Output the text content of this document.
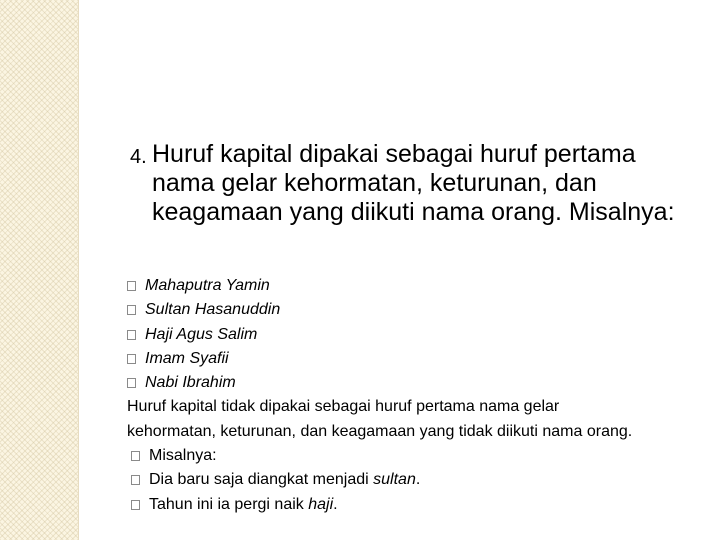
4. Huruf kapital dipakai sebagai huruf pertama nama gelar kehormatan, keturunan, dan keagamaan yang diikuti nama orang. Misalnya:
Mahaputra Yamin
Sultan Hasanuddin
Haji Agus Salim
Imam Syafii
Nabi Ibrahim
Huruf kapital tidak dipakai sebagai huruf pertama nama gelar
kehormatan, keturunan, dan keagamaan yang tidak diikuti nama orang.
Misalnya:
Dia baru saja diangkat menjadi sultan.
Tahun ini ia pergi naik haji.
